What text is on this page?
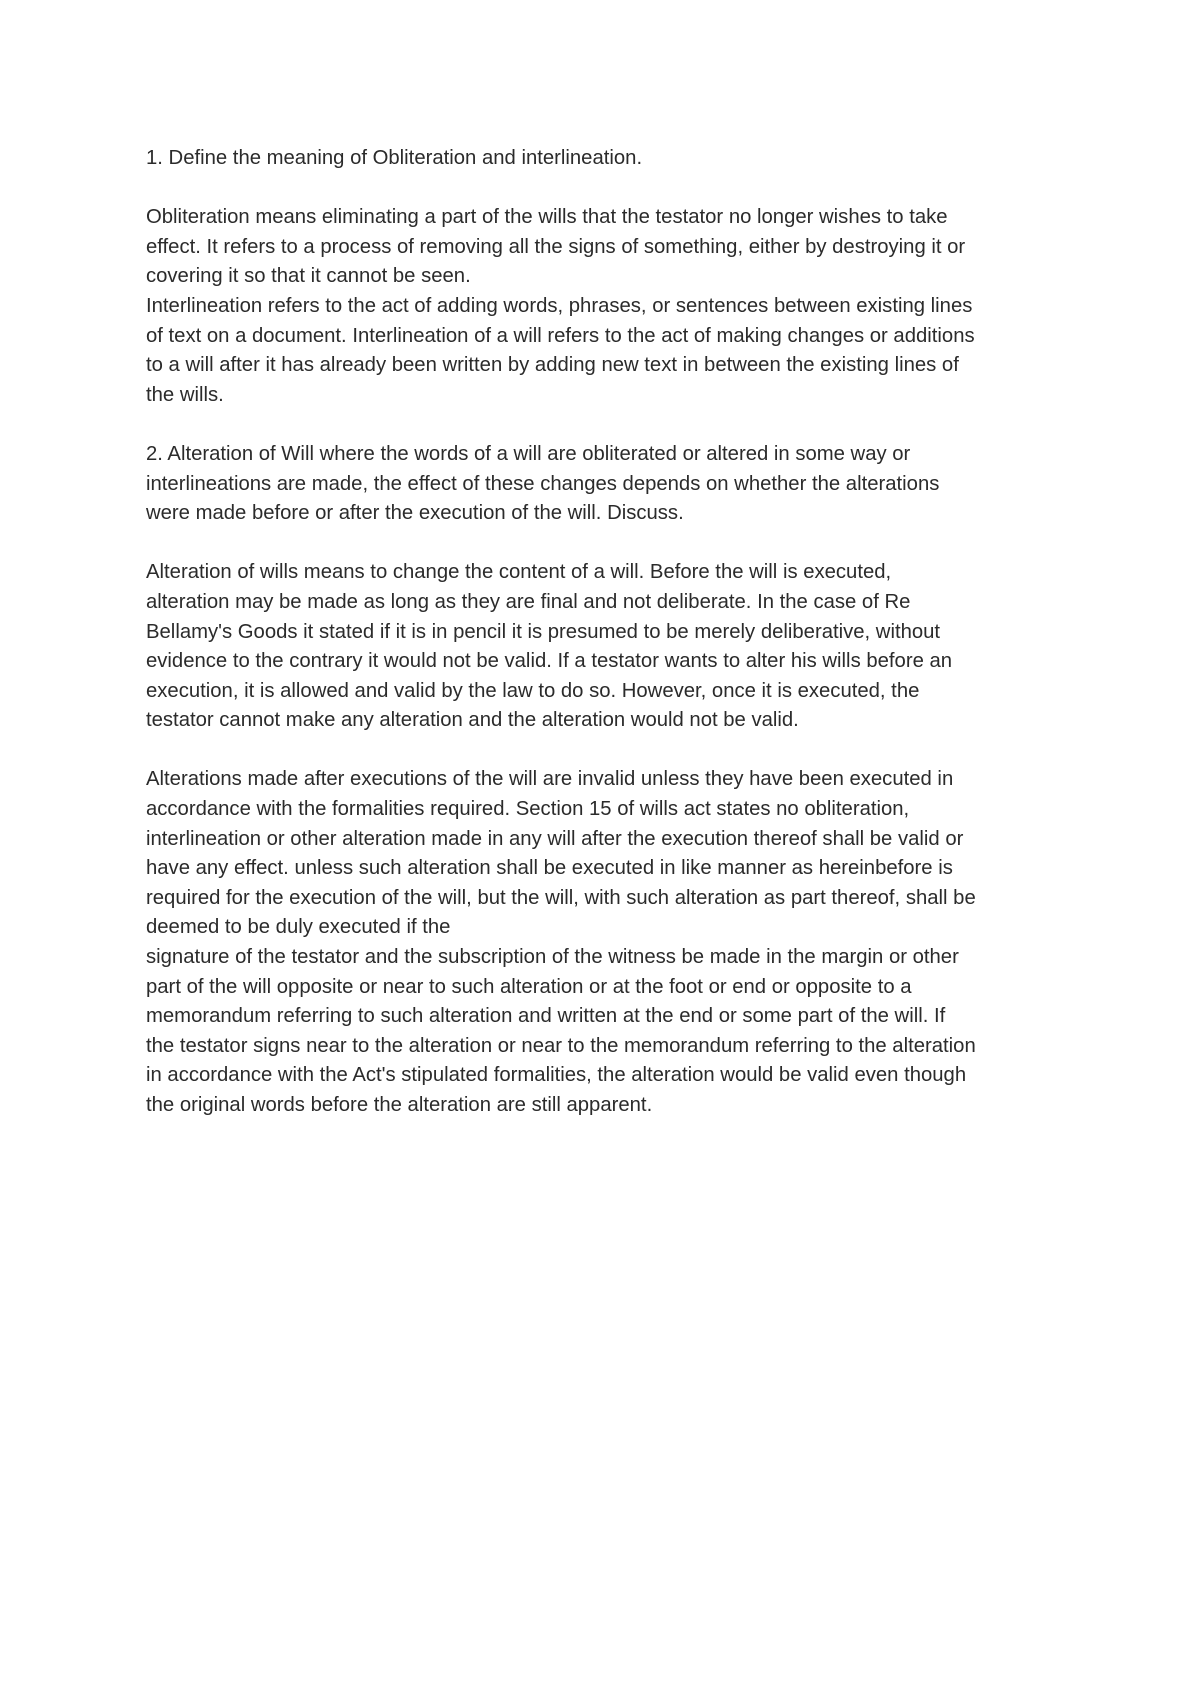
1. Define the meaning of Obliteration and interlineation.
Obliteration means eliminating a part of the wills that the testator no longer wishes to take
effect. It refers to a process of removing all the signs of something, either by destroying it or
covering it so that it cannot be seen.
Interlineation refers to the act of adding words, phrases, or sentences between existing lines
of text on a document. Interlineation of a will refers to the act of making changes or additions
to a will after it has already been written by adding new text in between the existing lines of
the wills.
2. Alteration of Will where the words of a will are obliterated or altered in some way or
interlineations are made, the effect of these changes depends on whether the alterations
were made before or after the execution of the will. Discuss.
Alteration of wills means to change the content of a will. Before the will is executed,
alteration may be made as long as they are final and not deliberate. In the case of Re
Bellamy's Goods it stated if it is in pencil it is presumed to be merely deliberative, without
evidence to the contrary it would not be valid. If a testator wants to alter his wills before an
execution, it is allowed and valid by the law to do so. However, once it is executed, the
testator cannot make any alteration and the alteration would not be valid.
Alterations made after executions of the will are invalid unless they have been executed in
accordance with the formalities required. Section 15 of wills act states no obliteration,
interlineation or other alteration made in any will after the execution thereof shall be valid or
have any effect. unless such alteration shall be executed in like manner as hereinbefore is
required for the execution of the will, but the will, with such alteration as part thereof, shall be
deemed to be duly executed if the
signature of the testator and the subscription of the witness be made in the margin or other
part of the will opposite or near to such alteration or at the foot or end or opposite to a
memorandum referring to such alteration and written at the end or some part of the will. If
the testator signs near to the alteration or near to the memorandum referring to the alteration
in accordance with the Act's stipulated formalities, the alteration would be valid even though
the original words before the alteration are still apparent.
